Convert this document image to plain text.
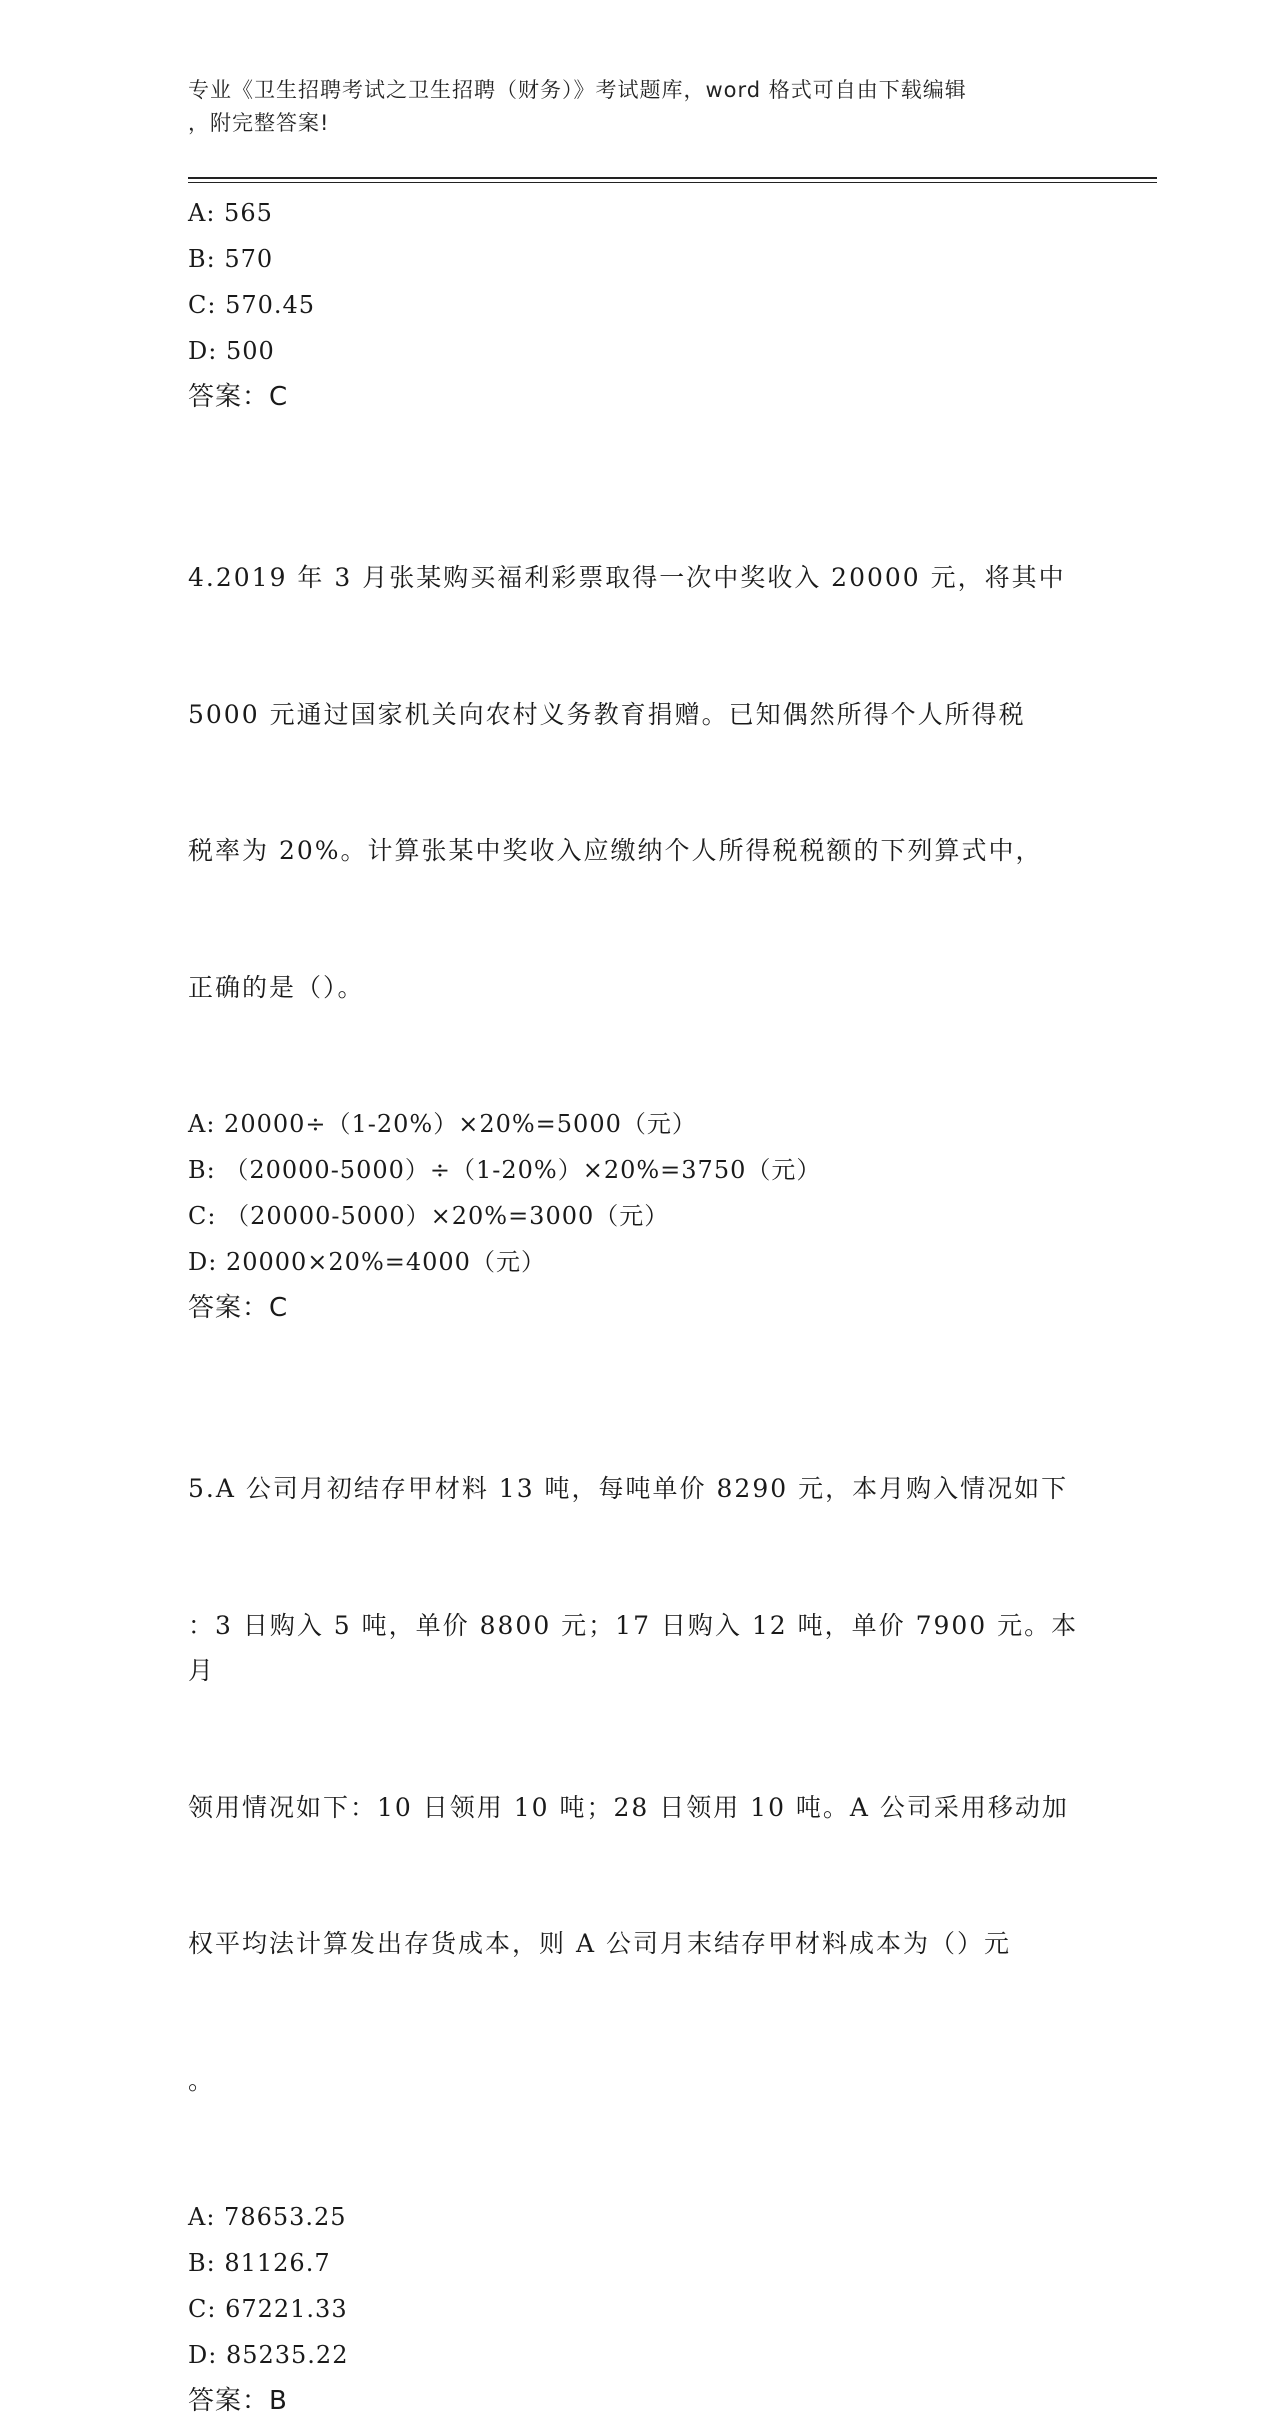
专业《卫生招聘考试之卫生招聘（财务）》考试题库，word 格式可自由下载编辑
，附完整答案!
A: 565
B: 570
C: 570.45
D: 500
答案：C

4.2019 年 3 月张某购买福利彩票取得一次中奖收入 20000 元，将其中

5000 元通过国家机关向农村义务教育捐赠。已知偶然所得个人所得税

税率为 20%。计算张某中奖收入应缴纳个人所得税税额的下列算式中，

正确的是（）。

A: 20000÷（1-20%）×20%=5000（元）
B: （20000-5000）÷（1-20%）×20%=3750（元）
C: （20000-5000）×20%=3000（元）
D: 20000×20%=4000（元）
答案：C

5.A 公司月初结存甲材料 13 吨，每吨单价 8290 元，本月购入情况如下

：3 日购入 5 吨，单价 8800 元；17 日购入 12 吨，单价 7900 元。本月

领用情况如下：10 日领用 10 吨；28 日领用 10 吨。A 公司采用移动加

权平均法计算发出存货成本，则 A 公司月末结存甲材料成本为（）元

。

A: 78653.25
B: 81126.7
C: 67221.33
D: 85235.22
答案：B
